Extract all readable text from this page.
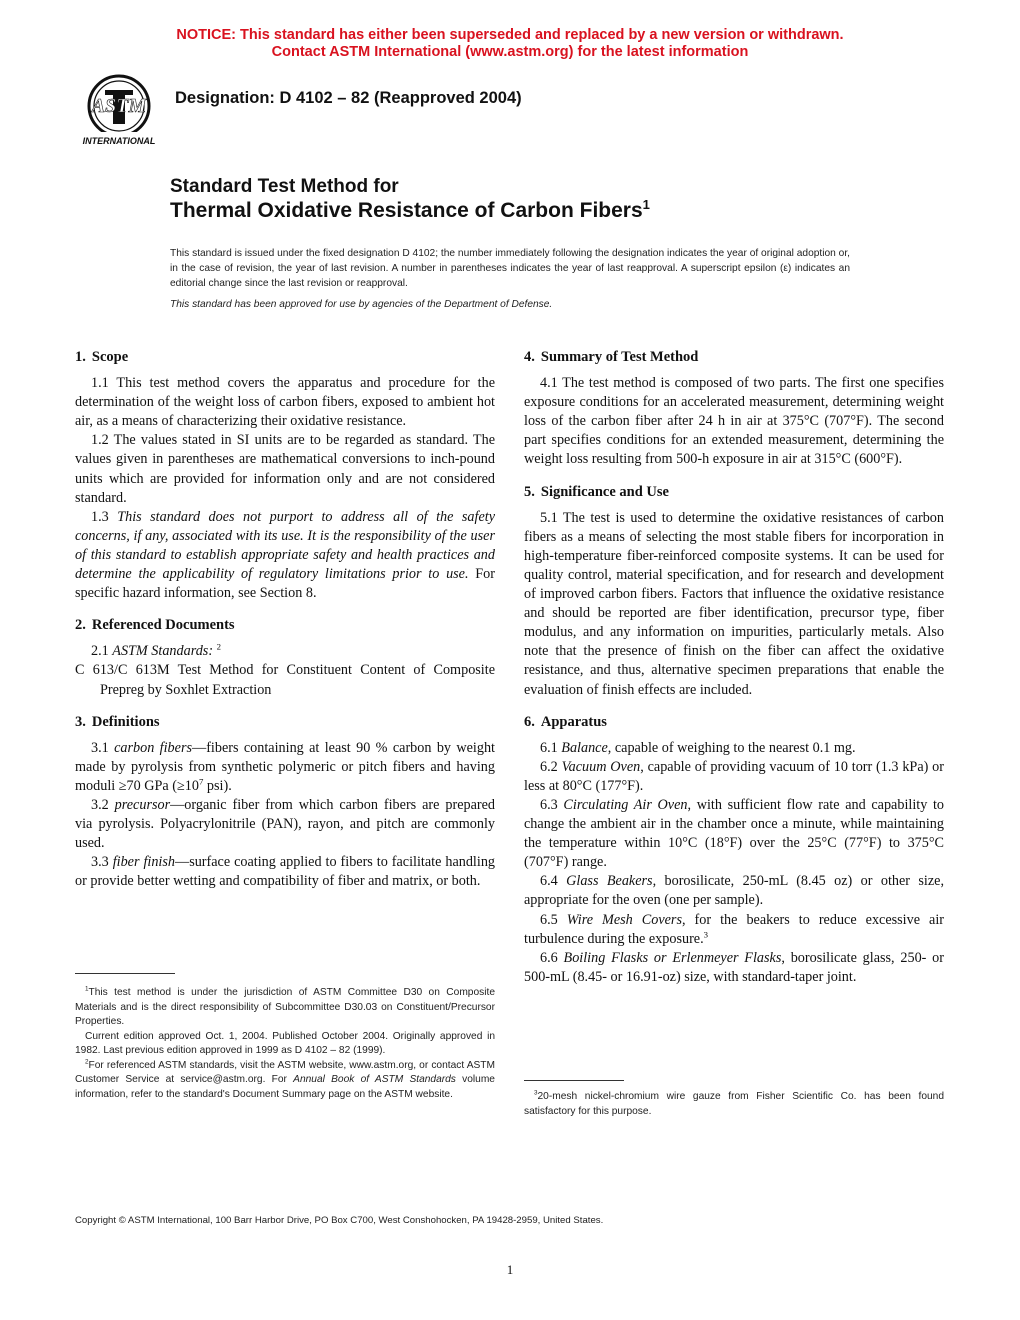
NOTICE: This standard has either been superseded and replaced by a new version or withdrawn.
Contact ASTM International (www.astm.org) for the latest information
ASTM
INTERNATIONAL
Designation: D 4102 – 82 (Reapproved 2004)
Standard Test Method for
Thermal Oxidative Resistance of Carbon Fibers$^1$
This standard is issued under the fixed designation D 4102; the number immediately following the designation indicates the year of original adoption or, in the case of revision, the year of last revision. A number in parentheses indicates the year of last reapproval. A superscript epsilon (ε) indicates an editorial change since the last revision or reapproval.
This standard has been approved for use by agencies of the Department of Defense.
1. Scope

1.1 This test method covers the apparatus and procedure for the determination of the weight loss of carbon fibers, exposed to ambient hot air, as a means of characterizing their oxidative resistance.

1.2 The values stated in SI units are to be regarded as standard. The values given in parentheses are mathematical conversions to inch-pound units which are provided for information only and are not considered standard.

1.3 This standard does not purport to address all of the safety concerns, if any, associated with its use. It is the responsibility of the user of this standard to establish appropriate safety and health practices and determine the applicability of regulatory limitations prior to use. For specific hazard information, see Section 8.

2. Referenced Documents

2.1 ASTM Standards: $^2$

C 613/C 613M Test Method for Constituent Content of Composite Prepreg by Soxhlet Extraction

3. Definitions

3.1 carbon fibers—fibers containing at least 90 % carbon by weight made by pyrolysis from synthetic polymeric or pitch fibers and having moduli ≥70 GPa ($\ge 10^7$ psi).

3.2 precursor—organic fiber from which carbon fibers are prepared via pyrolysis. Polyacrylonitrile (PAN), rayon, and pitch are commonly used.

3.3 fiber finish—surface coating applied to fibers to facilitate handling or provide better wetting and compatibility of fiber and matrix, or both.

4. Summary of Test Method

4.1 The test method is composed of two parts. The first one specifies exposure conditions for an accelerated measurement, determining weight loss of the carbon fiber after 24 h in air at 375°C (707°F). The second part specifies conditions for an extended measurement, determining the weight loss resulting from 500-h exposure in air at 315°C (600°F).

5. Significance and Use

5.1 The test is used to determine the oxidative resistances of carbon fibers as a means of selecting the most stable fibers for incorporation in high-temperature fiber-reinforced composite systems. It can be used for quality control, material specification, and for research and development of improved carbon fibers. Factors that influence the oxidative resistance and should be reported are fiber identification, precursor type, fiber modulus, and any information on impurities, particularly metals. Also note that the presence of finish on the fiber can affect the oxidative resistance, and thus, alternative specimen preparations that enable the evaluation of finish effects are included.

6. Apparatus

6.1 Balance, capable of weighing to the nearest 0.1 mg.

6.2 Vacuum Oven, capable of providing vacuum of 10 torr (1.3 kPa) or less at 80°C (177°F).

6.3 Circulating Air Oven, with sufficient flow rate and capability to change the ambient air in the chamber once a minute, while maintaining the temperature within 10°C (18°F) over the 25°C (77°F) to 375°C (707°F) range.

6.4 Glass Beakers, borosilicate, 250-mL (8.45 oz) or other size, appropriate for the oven (one per sample).

6.5 Wire Mesh Covers, for the beakers to reduce excessive air turbulence during the exposure.$^3$

6.6 Boiling Flasks or Erlenmeyer Flasks, borosilicate glass, 250- or 500-mL (8.45- or 16.91-oz) size, with standard-taper joint.

$^1$This test method is under the jurisdiction of ASTM Committee D30 on Composite Materials and is the direct responsibility of Subcommittee D30.03 on Constituent/Precursor Properties.

Current edition approved Oct. 1, 2004. Published October 2004. Originally approved in 1982. Last previous edition approved in 1999 as D 4102 – 82 (1999).

$^2$For referenced ASTM standards, visit the ASTM website, www.astm.org, or contact ASTM Customer Service at service@astm.org. For Annual Book of ASTM Standards volume information, refer to the standard's Document Summary page on the ASTM website.	$^3$20-mesh nickel-chromium wire gauze from Fisher Scientific Co. has been found satisfactory for this purpose.

Copyright © ASTM International, 100 Barr Harbor Drive, PO Box C700, West Conshohocken, PA 19428-2959, United States.
1
